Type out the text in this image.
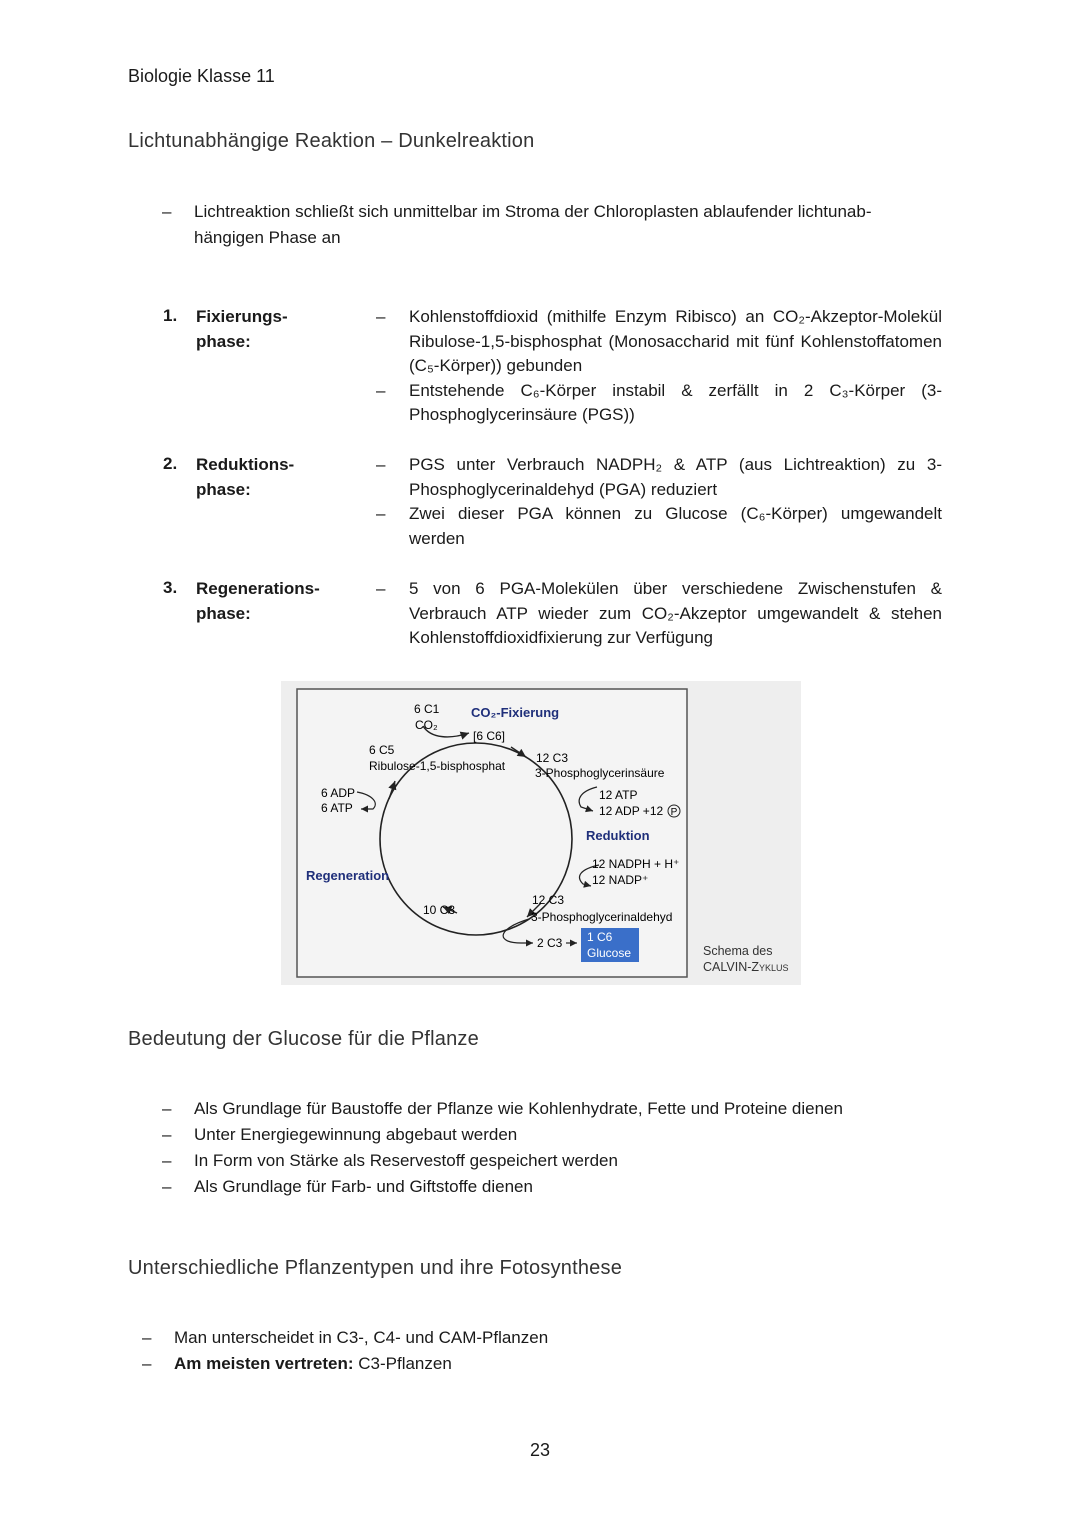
Biologie Klasse 11
Lichtunabhängige Reaktion – Dunkelreaktion
– Lichtreaktion schließt sich unmittelbar im Stroma der Chloroplasten ablaufender lichtunab-
hängigen Phase an
1. Fixierungs-
phase:
– Kohlenstoffdioxid (mithilfe Enzym Ribisco) an CO₂-Akzeptor-Molekül Ribulose-1,5-bisphosphat (Monosaccharid mit fünf Kohlenstoffatomen (C₅-Körper)) gebunden
– Entstehende C₆-Körper instabil & zerfällt in 2 C₃-Körper (3-Phosphoglycerinsäure (PGS))
2. Reduktions-
phase:
– PGS unter Verbrauch NADPH₂ & ATP (aus Lichtreaktion) zu 3-Phosphoglycerinaldehyd (PGA) reduziert
– Zwei dieser PGA können zu Glucose (C₆-Körper) umgewandelt werden
3. Regenerations-
phase:
– 5 von 6 PGA-Molekülen über verschiedene Zwischenstufen & Verbrauch ATP wieder zum CO₂-Akzeptor umgewandelt & stehen Kohlenstoffdioxidfixierung zur Verfügung
6 C1
CO₂
CO₂-Fixierung
[6 C6]
6 C5
Ribulose-1,5-bisphosphat
12 C3
3-Phosphoglycerinsäure
6 ADP
6 ATP
12 ATP
12 ADP +12 P
Reduktion
Regeneration
12 NADPH + H⁺
12 NADP⁺
10 C3
12 C3
3-Phosphoglycerinaldehyd
2 C3 1 C6
Glucose	Schema des
CALVIN-Zyklus
Bedeutung der Glucose für die Pflanze
– Als Grundlage für Baustoffe der Pflanze wie Kohlenhydrate, Fette und Proteine dienen
– Unter Energiegewinnung abgebaut werden
– In Form von Stärke als Reservestoff gespeichert werden
– Als Grundlage für Farb- und Giftstoffe dienen
Unterschiedliche Pflanzentypen und ihre Fotosynthese
– Man unterscheidet in C3-, C4- und CAM-Pflanzen
– Am meisten vertreten: C3-Pflanzen
23
